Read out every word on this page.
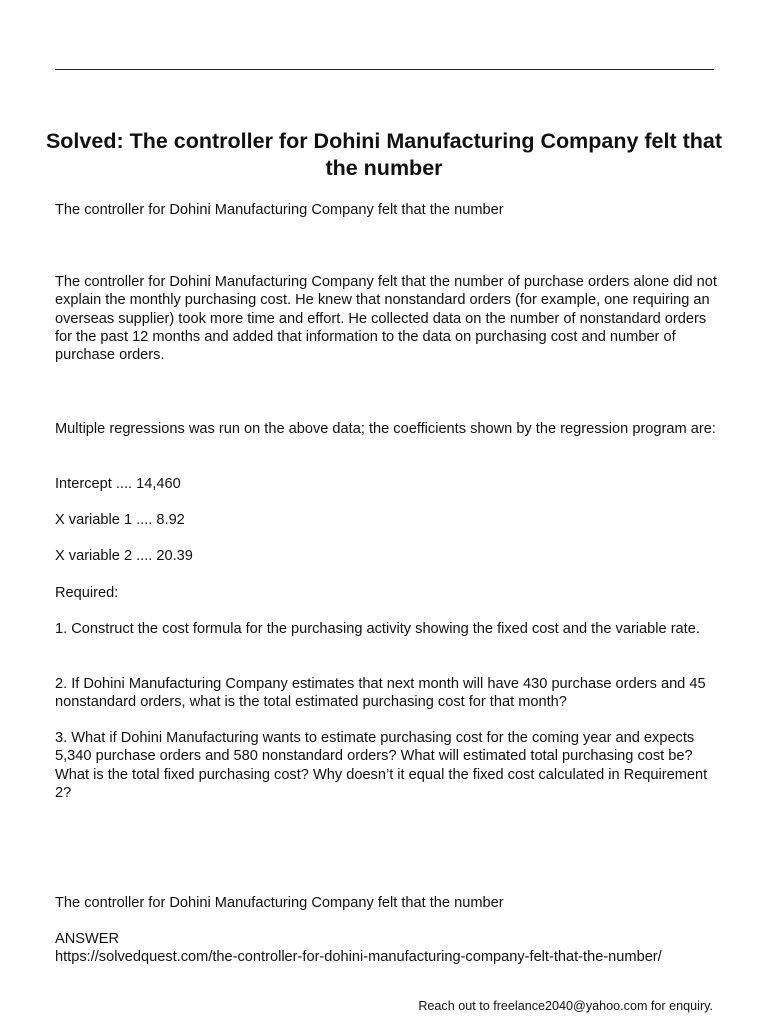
Solved: The controller for Dohini Manufacturing Company felt that the number

The controller for Dohini Manufacturing Company felt that the number

The controller for Dohini Manufacturing Company felt that the number of purchase orders alone did not explain the monthly purchasing cost. He knew that nonstandard orders (for example, one requiring an overseas supplier) took more time and effort. He collected data on the number of nonstandard orders for the past 12 months and added that information to the data on purchasing cost and number of purchase orders.

Multiple regressions was run on the above data; the coefficients shown by the regression program are:

Intercept .... 14,460

X variable 1 .... 8.92

X variable 2 .... 20.39

Required:

1. Construct the cost formula for the purchasing activity showing the fixed cost and the variable rate.

2. If Dohini Manufacturing Company estimates that next month will have 430 purchase orders and 45 nonstandard orders, what is the total estimated purchasing cost for that month?

3. What if Dohini Manufacturing wants to estimate purchasing cost for the coming year and expects 5,340 purchase orders and 580 nonstandard orders? What will estimated total purchasing cost be? What is the total fixed purchasing cost? Why doesn’t it equal the fixed cost calculated in Requirement 2?

The controller for Dohini Manufacturing Company felt that the number

ANSWER

https://solvedquest.com/the-controller-for-dohini-manufacturing-company-felt-that-the-number/

Reach out to freelance2040@yahoo.com for enquiry.
